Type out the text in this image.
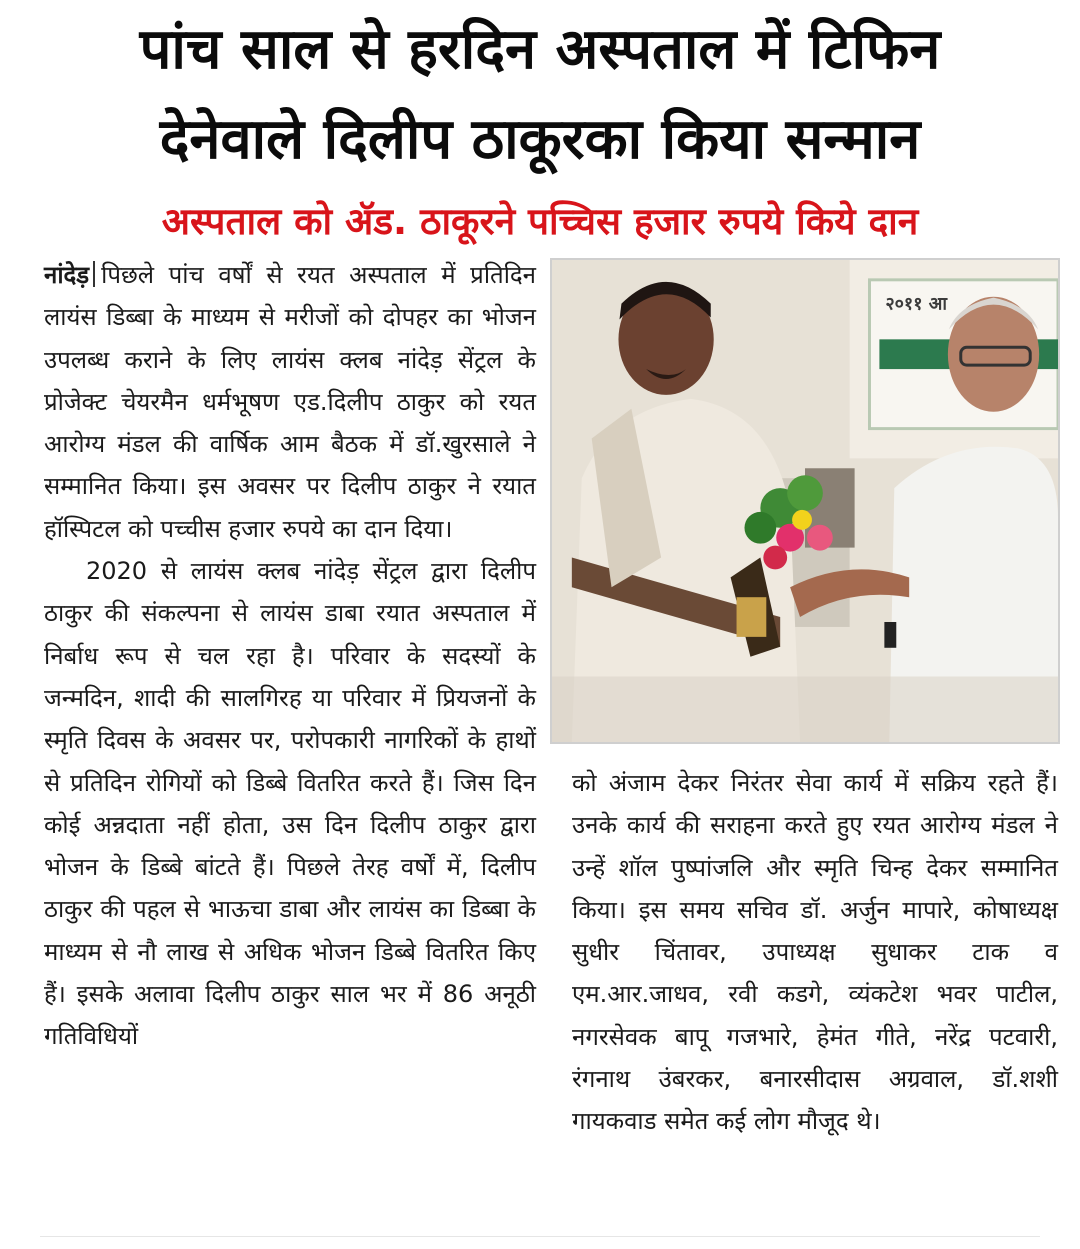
पांच साल से हरदिन अस्पताल में टिफिन
देनेवाले दिलीप ठाकूरका किया सन्मान
अस्पताल को ॲड. ठाकूरने पच्चिस हजार रुपये किये दान

नांदेड़ पिछले पांच वर्षों से रयत अस्पताल में प्रतिदिन लायंस डिब्बा के माध्यम से मरीजों को दोपहर का भोजन उपलब्ध कराने के लिए लायंस क्लब नांदेड़ सेंट्रल के प्रोजेक्ट चेयरमैन धर्मभूषण एड.दिलीप ठाकुर को रयत आरोग्य मंडल की वार्षिक आम बैठक में डॉ.खुरसाले ने सम्मानित किया। इस अवसर पर दिलीप ठाकुर ने रयात हॉस्पिटल को पच्चीस हजार रुपये का दान दिया।

2020 से लायंस क्लब नांदेड़ सेंट्रल द्वारा दिलीप ठाकुर की संकल्पना से लायंस डाबा रयात अस्पताल में निर्बाध रूप से चल रहा है। परिवार के सदस्यों के जन्मदिन, शादी की सालगिरह या परिवार में प्रियजनों के स्मृति दिवस के अवसर पर, परोपकारी नागरिकों के हाथों से प्रतिदिन रोगियों को डिब्बे वितरित करते हैं। जिस दिन कोई अन्नदाता नहीं होता, उस दिन दिलीप ठाकुर द्वारा भोजन के डिब्बे बांटते हैं। पिछले तेरह वर्षों में, दिलीप ठाकुर की पहल से भाऊचा डाबा और लायंस का डिब्बा के माध्यम से नौ लाख से अधिक भोजन डिब्बे वितरित किए हैं। इसके अलावा दिलीप ठाकुर साल भर में 86 अनूठी गतिविधियों

२०११ आ

को अंजाम देकर निरंतर सेवा कार्य में सक्रिय रहते हैं। उनके कार्य की सराहना करते हुए रयत आरोग्य मंडल ने उन्हें शॉल पुष्पांजलि और स्मृति चिन्ह देकर सम्मानित किया। इस समय सचिव डॉ. अर्जुन मापारे, कोषाध्यक्ष सुधीर चिंतावर, उपाध्यक्ष सुधाकर टाक व एम.आर.जाधव, रवी कडगे, व्यंकटेश भवर पाटील, नगरसेवक बापू गजभारे, हेमंत गीते, नरेंद्र पटवारी, रंगनाथ उंबरकर, बनारसीदास अग्रवाल, डॉ.शशी गायकवाड समेत कई लोग मौजूद थे।
